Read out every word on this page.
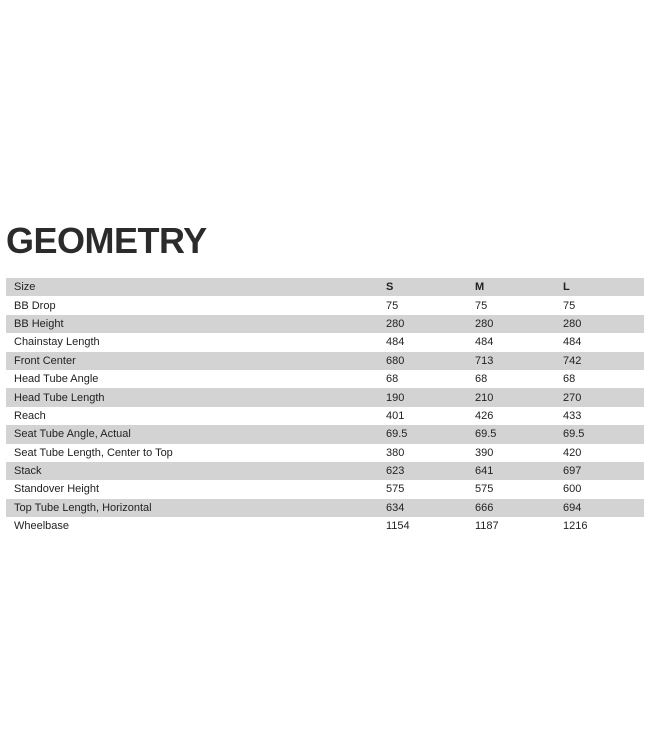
GEOMETRY
Size	S	M	L
BB Drop	75	75	75
BB Height	280	280	280
Chainstay Length	484	484	484
Front Center	680	713	742
Head Tube Angle	68	68	68
Head Tube Length	190	210	270
Reach	401	426	433
Seat Tube Angle, Actual	69.5	69.5	69.5
Seat Tube Length, Center to Top	380	390	420
Stack	623	641	697
Standover Height	575	575	600
Top Tube Length, Horizontal	634	666	694
Wheelbase	1154	1187	1216
